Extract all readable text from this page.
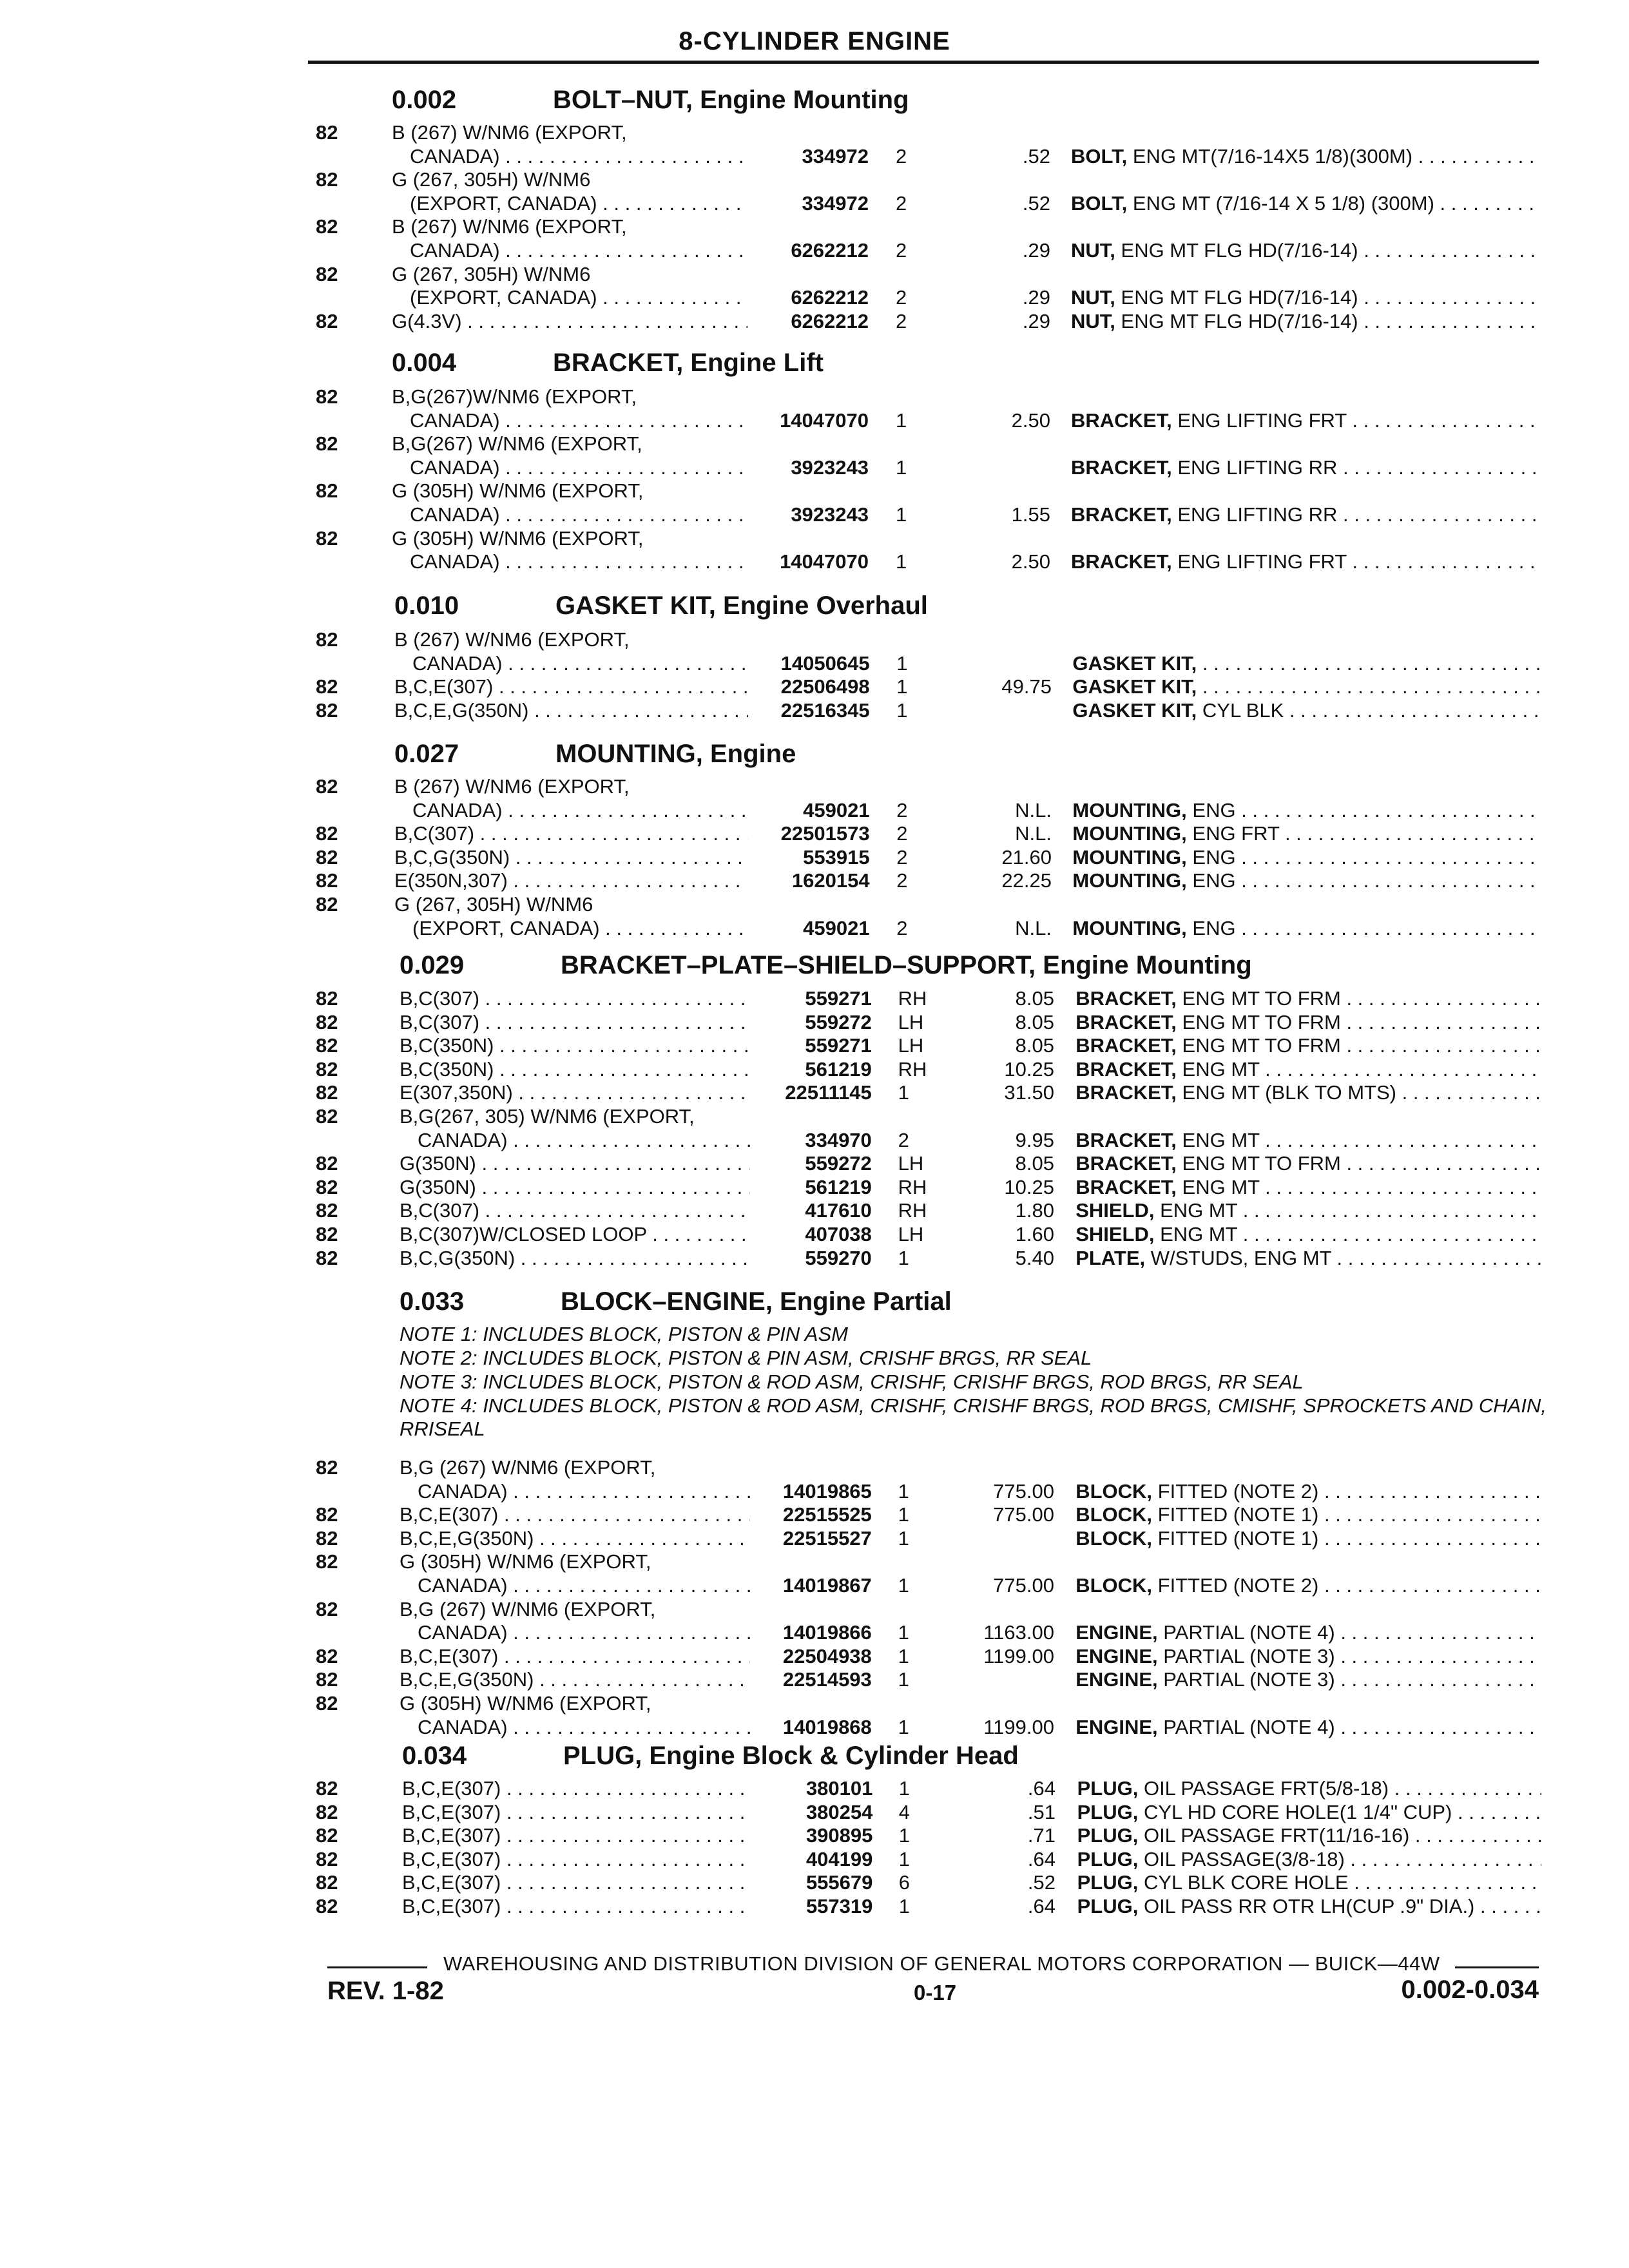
8-CYLINDER ENGINE
0.002	BOLT–NUT, Engine Mounting
82	B (267) W/NM6 (EXPORT,
CANADA) . . .	334972 2	.52 BOLT, ENG MT(7/16-14X5 1/8)(300M) . . .
82	G (267, 305H) W/NM6
(EXPORT, CANADA) . . .	334972 2	.52 BOLT, ENG MT (7/16-14 X 5 1/8) (300M) . . .
82	B (267) W/NM6 (EXPORT,
CANADA) . . .	6262212 2	.29 NUT, ENG MT FLG HD(7/16-14) . . .
82	G (267, 305H) W/NM6
(EXPORT, CANADA) . . .	6262212 2	.29 NUT, ENG MT FLG HD(7/16-14) . . .
82	G(4.3V) . . .	6262212 2	.29 NUT, ENG MT FLG HD(7/16-14) . . .
0.004	BRACKET, Engine Lift
82	B,G(267)W/NM6 (EXPORT,
CANADA) . . .	14047070 1	2.50 BRACKET, ENG LIFTING FRT . . .
82	B,G(267) W/NM6 (EXPORT,
CANADA) . . .	3923243 1	BRACKET, ENG LIFTING RR . . .
82	G (305H) W/NM6 (EXPORT,
CANADA) . . .	3923243 1	1.55 BRACKET, ENG LIFTING RR . . .
82	G (305H) W/NM6 (EXPORT,
CANADA) . . .	14047070 1	2.50 BRACKET, ENG LIFTING FRT . . .
0.010	GASKET KIT, Engine Overhaul
82	B (267) W/NM6 (EXPORT,
CANADA) . . .	14050645 1	GASKET KIT, . . .
82	B,C,E(307) . . .	22506498 1	49.75 GASKET KIT, . . .
82	B,C,E,G(350N) . . .	22516345 1	GASKET KIT, CYL BLK . . .
0.027	MOUNTING, Engine
82	B (267) W/NM6 (EXPORT,
CANADA) . . .	459021 2	N.L. MOUNTING, ENG . . .
82	B,C(307) . . .	22501573 2	N.L. MOUNTING, ENG FRT . . .
82	B,C,G(350N) . . .	553915 2	21.60 MOUNTING, ENG . . .
82	E(350N,307) . . .	1620154 2	22.25 MOUNTING, ENG . . .
82	G (267, 305H) W/NM6
(EXPORT, CANADA) . . .	459021 2	N.L. MOUNTING, ENG . . .
0.029	BRACKET–PLATE–SHIELD–SUPPORT, Engine Mounting
82	B,C(307) . . .	559271 RH	8.05 BRACKET, ENG MT TO FRM . . .
82	B,C(307) . . .	559272 LH	8.05 BRACKET, ENG MT TO FRM . . .
82	B,C(350N) . . .	559271 LH	8.05 BRACKET, ENG MT TO FRM . . .
82	B,C(350N) . . .	561219 RH	10.25 BRACKET, ENG MT . . .
82	E(307,350N) . . .	22511145 1	31.50 BRACKET, ENG MT (BLK TO MTS) . . .
82	B,G(267, 305) W/NM6 (EXPORT,
CANADA) . . .	334970 2	9.95 BRACKET, ENG MT . . .
82	G(350N) . . .	559272 LH	8.05 BRACKET, ENG MT TO FRM . . .
82	G(350N) . . .	561219 RH	10.25 BRACKET, ENG MT . . .
82	B,C(307) . . .	417610 RH	1.80 SHIELD, ENG MT . . .
82	B,C(307)W/CLOSED LOOP . . .	407038 LH	1.60 SHIELD, ENG MT . . .
82	B,C,G(350N) . . .	559270 1	5.40 PLATE, W/STUDS, ENG MT . . .
0.033	BLOCK–ENGINE, Engine Partial
NOTE 1: INCLUDES BLOCK, PISTON & PIN ASM
NOTE 2: INCLUDES BLOCK, PISTON & PIN ASM, CRISHF BRGS, RR SEAL
NOTE 3: INCLUDES BLOCK, PISTON & ROD ASM, CRISHF, CRISHF BRGS, ROD BRGS, RR SEAL
NOTE 4: INCLUDES BLOCK, PISTON & ROD ASM, CRISHF, CRISHF BRGS, ROD BRGS, CMISHF, SPROCKETS AND CHAIN, RRISEAL
82	B,G (267) W/NM6 (EXPORT,
CANADA) . . .	14019865 1	775.00 BLOCK, FITTED (NOTE 2) . . .
82	B,C,E(307) . . .	22515525 1	775.00 BLOCK, FITTED (NOTE 1) . . .
82	B,C,E,G(350N) . . .	22515527 1	BLOCK, FITTED (NOTE 1) . . .
82	G (305H) W/NM6 (EXPORT,
CANADA) . . .	14019867 1	775.00 BLOCK, FITTED (NOTE 2) . . .
82	B,G (267) W/NM6 (EXPORT,
CANADA) . . .	14019866 1	1163.00 ENGINE, PARTIAL (NOTE 4) . . .
82	B,C,E(307) . . .	22504938 1	1199.00 ENGINE, PARTIAL (NOTE 3) . . .
82	B,C,E,G(350N) . . .	22514593 1	ENGINE, PARTIAL (NOTE 3) . . .
82	G (305H) W/NM6 (EXPORT,
CANADA) . . .	14019868 1	1199.00 ENGINE, PARTIAL (NOTE 4) . . .
0.034	PLUG, Engine Block & Cylinder Head
82	B,C,E(307) . . .	380101 1	.64 PLUG, OIL PASSAGE FRT(5/8-18) . . .
82	B,C,E(307) . . .	380254 4	.51 PLUG, CYL HD CORE HOLE(1 1/4" CUP) . . .
82	B,C,E(307) . . .	390895 1	.71 PLUG, OIL PASSAGE FRT(11/16-16) . . .
82	B,C,E(307) . . .	404199 1	.64 PLUG, OIL PASSAGE(3/8-18) . . .
82	B,C,E(307) . . .	555679 6	.52 PLUG, CYL BLK CORE HOLE . . .
82	B,C,E(307) . . .	557319 1	.64 PLUG, OIL PASS RR OTR LH(CUP .9" DIA.) . . .
WAREHOUSING AND DISTRIBUTION DIVISION OF GENERAL MOTORS CORPORATION — BUICK—44W
REV. 1-82	0-17	0.002-0.034
